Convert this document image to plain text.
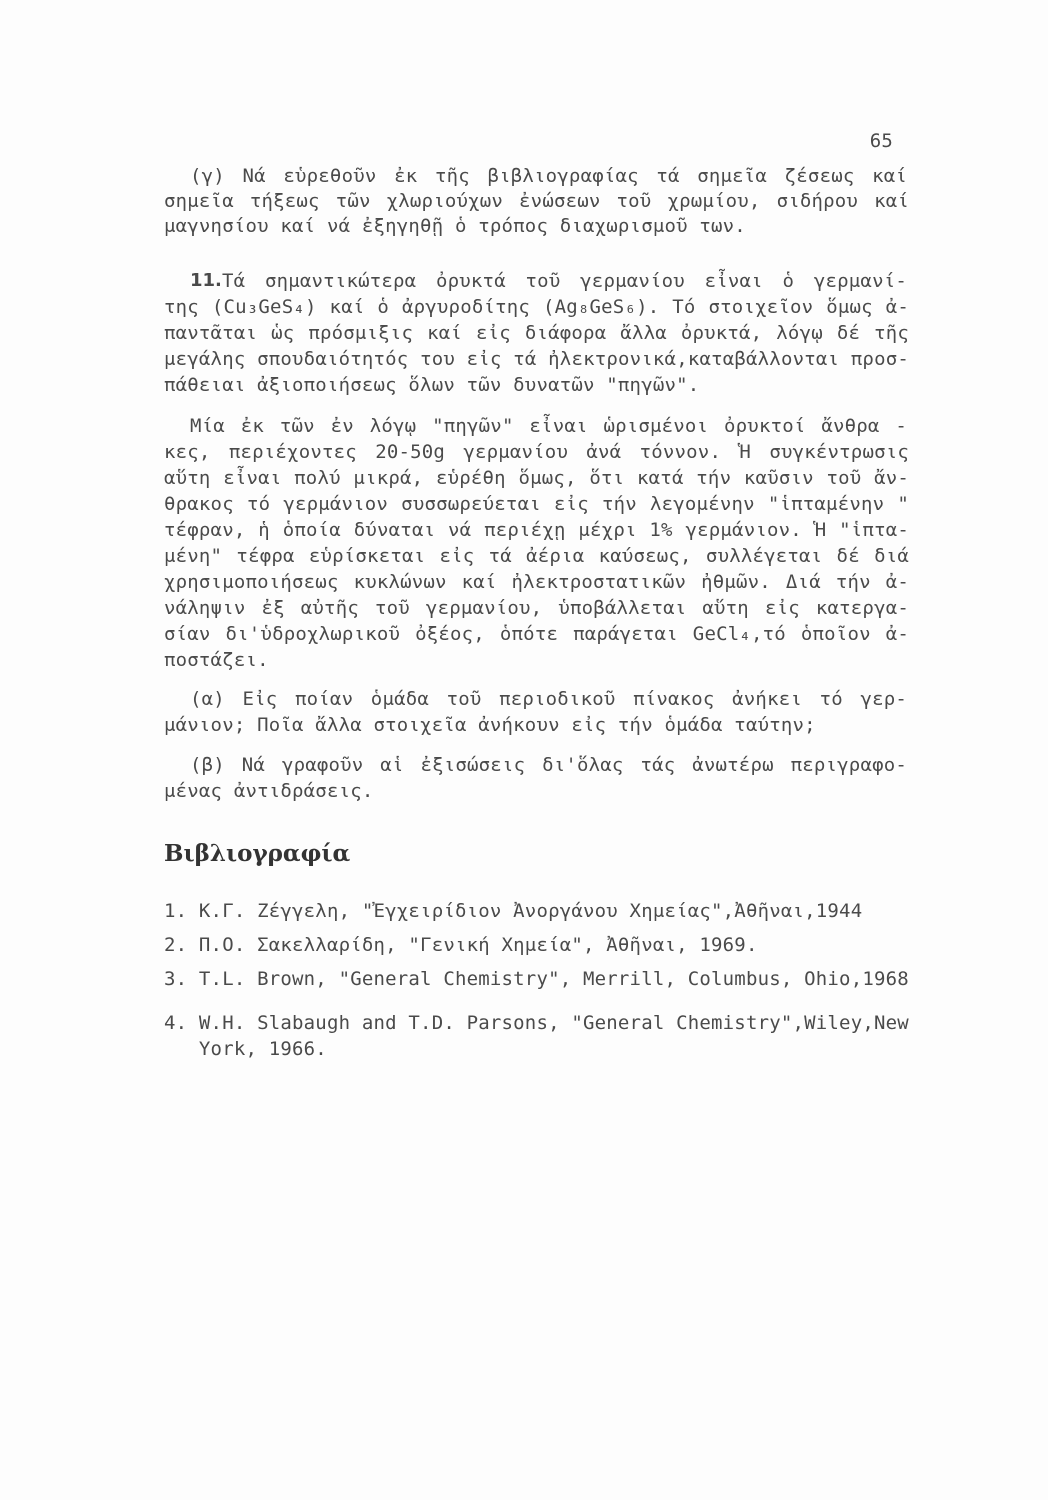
65
(γ) Νά εὑρεθοῦν ἐκ τῆς βιβλιογραφίας τά σημεῖα ζέσεως καί
σημεῖα τήξεως τῶν χλωριούχων ἐνώσεων τοῦ χρωμίου, σιδήρου καί
μαγνησίου καί νά ἐξηγηθῇ ὁ τρόπος διαχωρισμοῦ των.
11. Τά σημαντικώτερα ὀρυκτά τοῦ γερμανίου εἶναι ὁ γερμανί-
της (Cu₃GeS₄) καί ὁ ἀργυροδίτης (Ag₈GeS₆). Τό στοιχεῖον ὅμως ἀ-
παντᾶται ὡς πρόσμιξις καί εἰς διάφορα ἄλλα ὀρυκτά, λόγῳ δέ τῆς
μεγάλης σπουδαιότητός του εἰς τά ἠλεκτρονικά,καταβάλλονται προσ-
πάθειαι ἀξιοποιήσεως ὅλων τῶν δυνατῶν "πηγῶν".
Μία ἐκ τῶν ἐν λόγῳ "πηγῶν" εἶναι ὡρισμένοι ὀρυκτοί ἄνθρα -
κες, περιέχοντες 20-50g γερμανίου ἀνά τόννον. Ἡ συγκέντρωσις
αὕτη εἶναι πολύ μικρά, εὑρέθη ὅμως, ὅτι κατά τήν καῦσιν τοῦ ἄν-
θρακος τό γερμάνιον συσσωρεύεται εἰς τήν λεγομένην "ἱπταμένην "
τέφραν, ἡ ὁποία δύναται νά περιέχῃ μέχρι 1% γερμάνιον. Ἡ "ἱπτα-
μένη" τέφρα εὑρίσκεται εἰς τά ἀέρια καύσεως, συλλέγεται δέ διά
χρησιμοποιήσεως κυκλώνων καί ἠλεκτροστατικῶν ἠθμῶν. Διά τήν ἀ-
νάληψιν ἐξ αὐτῆς τοῦ γερμανίου, ὑποβάλλεται αὕτη εἰς κατεργα-
σίαν δι'ὑδροχλωρικοῦ ὀξέος, ὁπότε παράγεται GeCl₄,τό ὁποῖον ἀ-
ποστάζει.
(α) Εἰς ποίαν ὁμάδα τοῦ περιοδικοῦ πίνακος ἀνήκει τό γερ-
μάνιον; Ποῖα ἄλλα στοιχεῖα ἀνήκουν εἰς τήν ὁμάδα ταύτην;
(β) Νά γραφοῦν αἱ ἐξισώσεις δι'ὅλας τάς ἀνωτέρω περιγραφο-
μένας ἀντιδράσεις.
Βιβλιογραφία
1. Κ.Γ. Ζέγγελη, "Ἐγχειρίδιον Ἀνοργάνου Χημείας",Ἀθῆναι,1944
2. Π.Ο. Σακελλαρίδη, "Γενική Χημεία", Ἀθῆναι, 1969.
3. T.L. Brown, "General Chemistry", Merrill, Columbus, Ohio,1968
4. W.H. Slabaugh and T.D. Parsons, "General Chemistry",Wiley,New
York, 1966.
